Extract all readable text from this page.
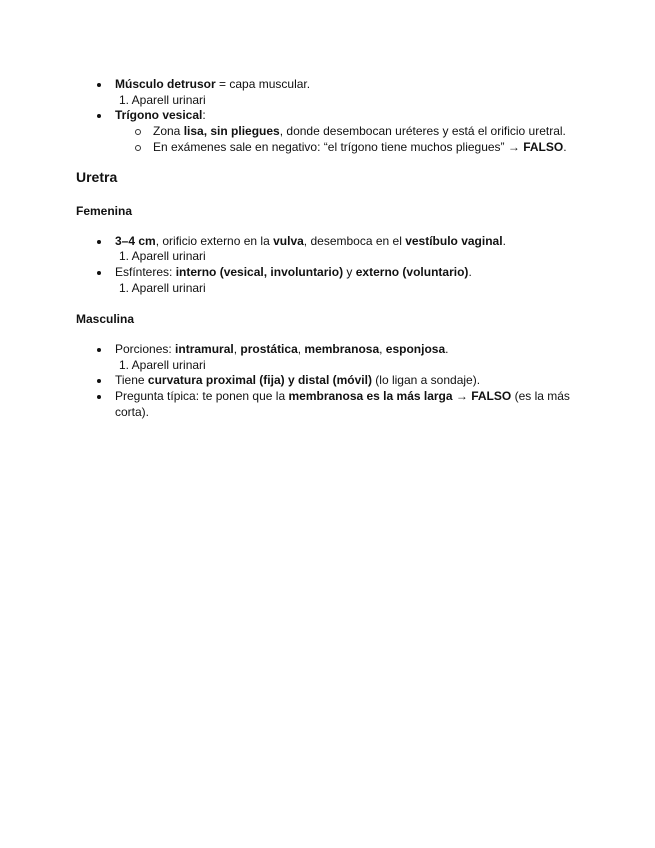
Músculo detrusor = capa muscular.
1. Aparell urinari
Trígono vesical:
Zona lisa, sin pliegues, donde desembocan uréteres y está el orificio uretral.
En exámenes sale en negativo: “el trígono tiene muchos pliegues” → FALSO.
Uretra
Femenina
3–4 cm, orificio externo en la vulva, desemboca en el vestíbulo vaginal.
1. Aparell urinari
Esfínteres: interno (vesical, involuntario) y externo (voluntario).
1. Aparell urinari
Masculina
Porciones: intramural, prostática, membranosa, esponjosa.
1. Aparell urinari
Tiene curvatura proximal (fija) y distal (móvil) (lo ligan a sondaje).
Pregunta típica: te ponen que la membranosa es la más larga → FALSO (es la más
corta).
